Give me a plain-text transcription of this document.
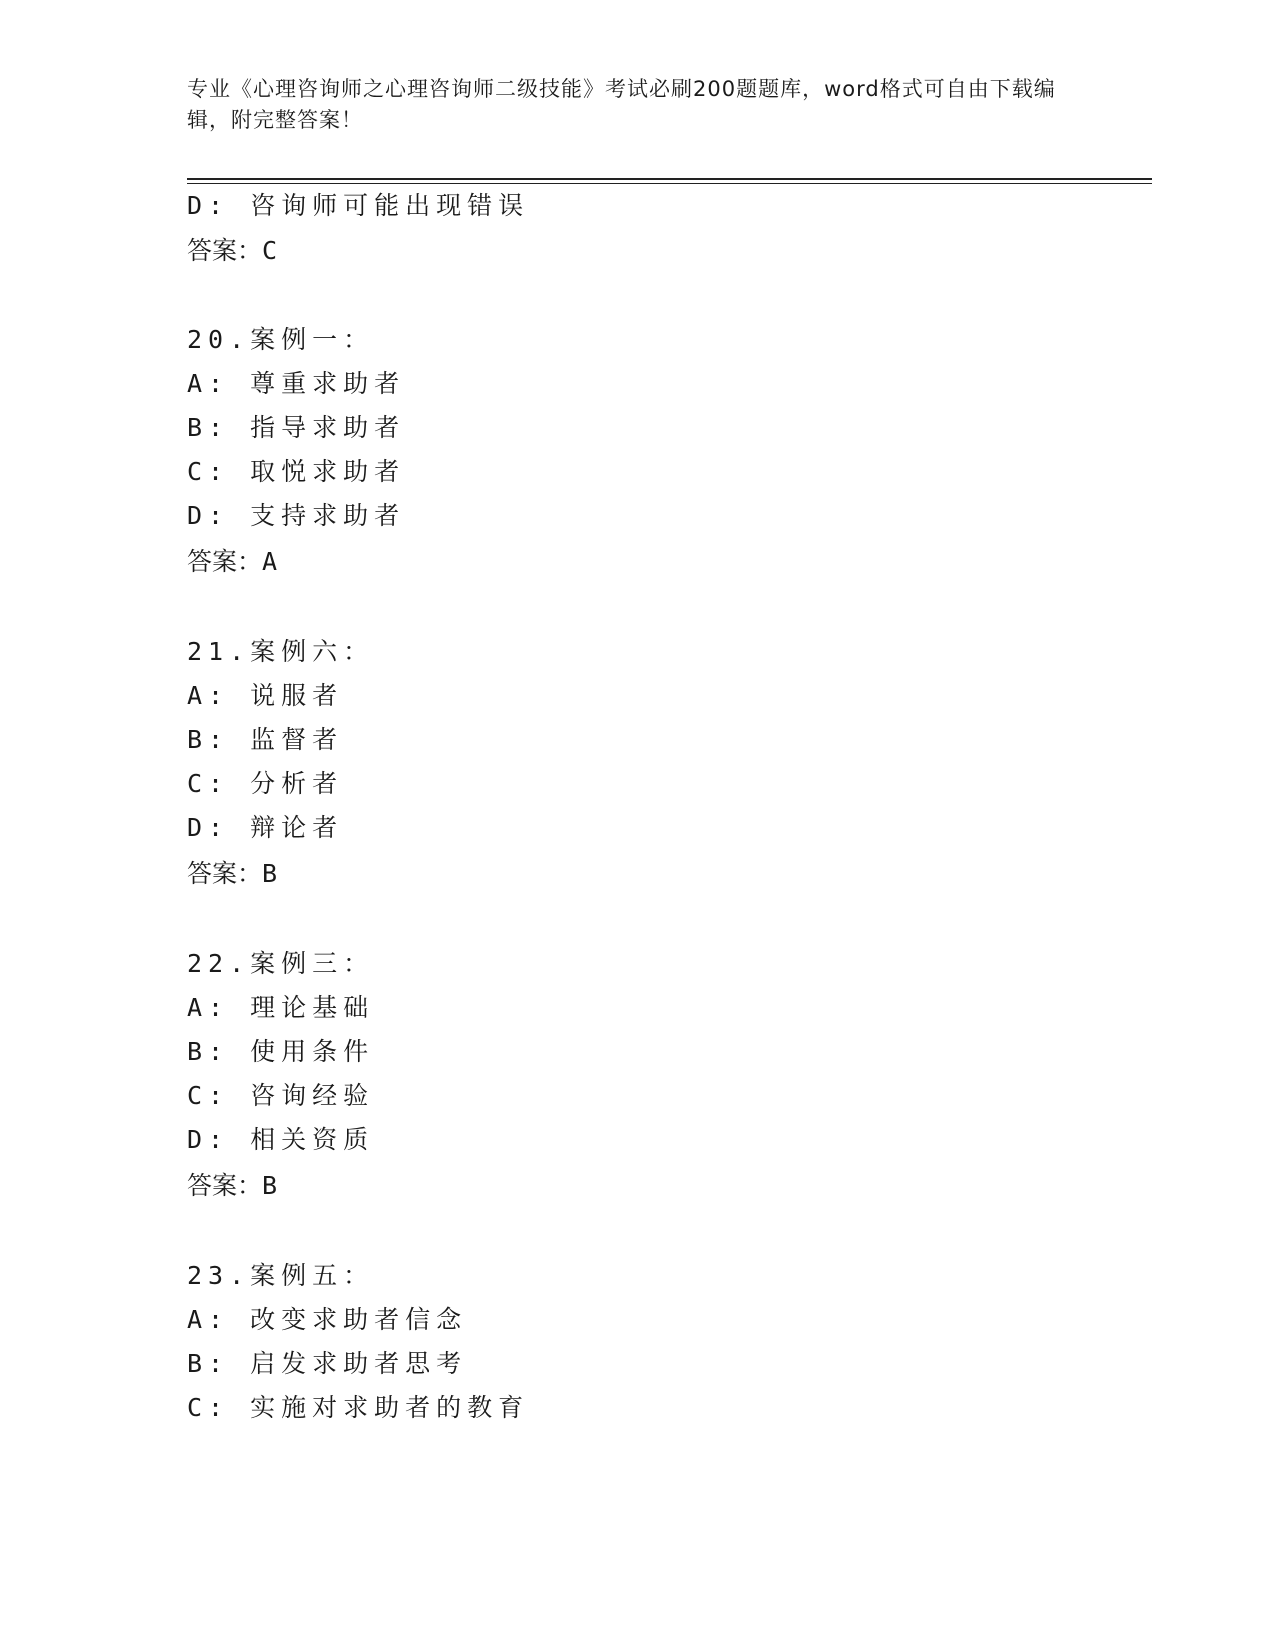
专业《心理咨询师之心理咨询师二级技能》考试必刷200题题库，word格式可自由下载编辑，附完整答案！
D: 咨询师可能出现错误
答案：C
20.案例一：
A: 尊重求助者
B: 指导求助者
C: 取悦求助者
D: 支持求助者
答案：A
21.案例六：
A: 说服者
B: 监督者
C: 分析者
D: 辩论者
答案：B
22.案例三：
A: 理论基础
B: 使用条件
C: 咨询经验
D: 相关资质
答案：B
23.案例五：
A: 改变求助者信念
B: 启发求助者思考
C: 实施对求助者的教育
